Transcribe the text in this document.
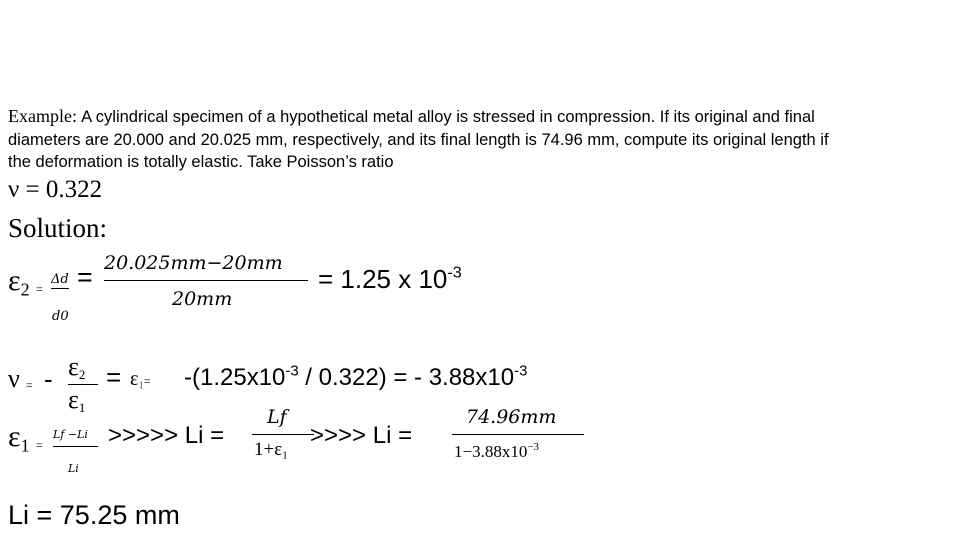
Example: A cylindrical specimen of a hypothetical metal alloy is stressed in compression. If its original and final
diameters are 20.000 and 20.025 mm, respectively, and its final length is 74.96 mm, compute its original length if
the deformation is totally elastic. Take Poisson’s ratio
ν = 0.322
Solution:
$\varepsilon_2$ =
Δd
d0
= 20.025mm−20mm
20mm
= 1.25 x $10^{-3}$
ν = - $\varepsilon_2$
$\varepsilon_1$
= $\varepsilon_1= -(1.25x10^{-3} / 0.322)$ = - $3.88x10^{-3}$
$\varepsilon_1$ =
Lf −Li
Li
>>>>> Li =
Lf
$1+\varepsilon_1$
>>>> Li =
74.96mm
$1-3.88x10^{-3}$
Li = 75.25 mm
